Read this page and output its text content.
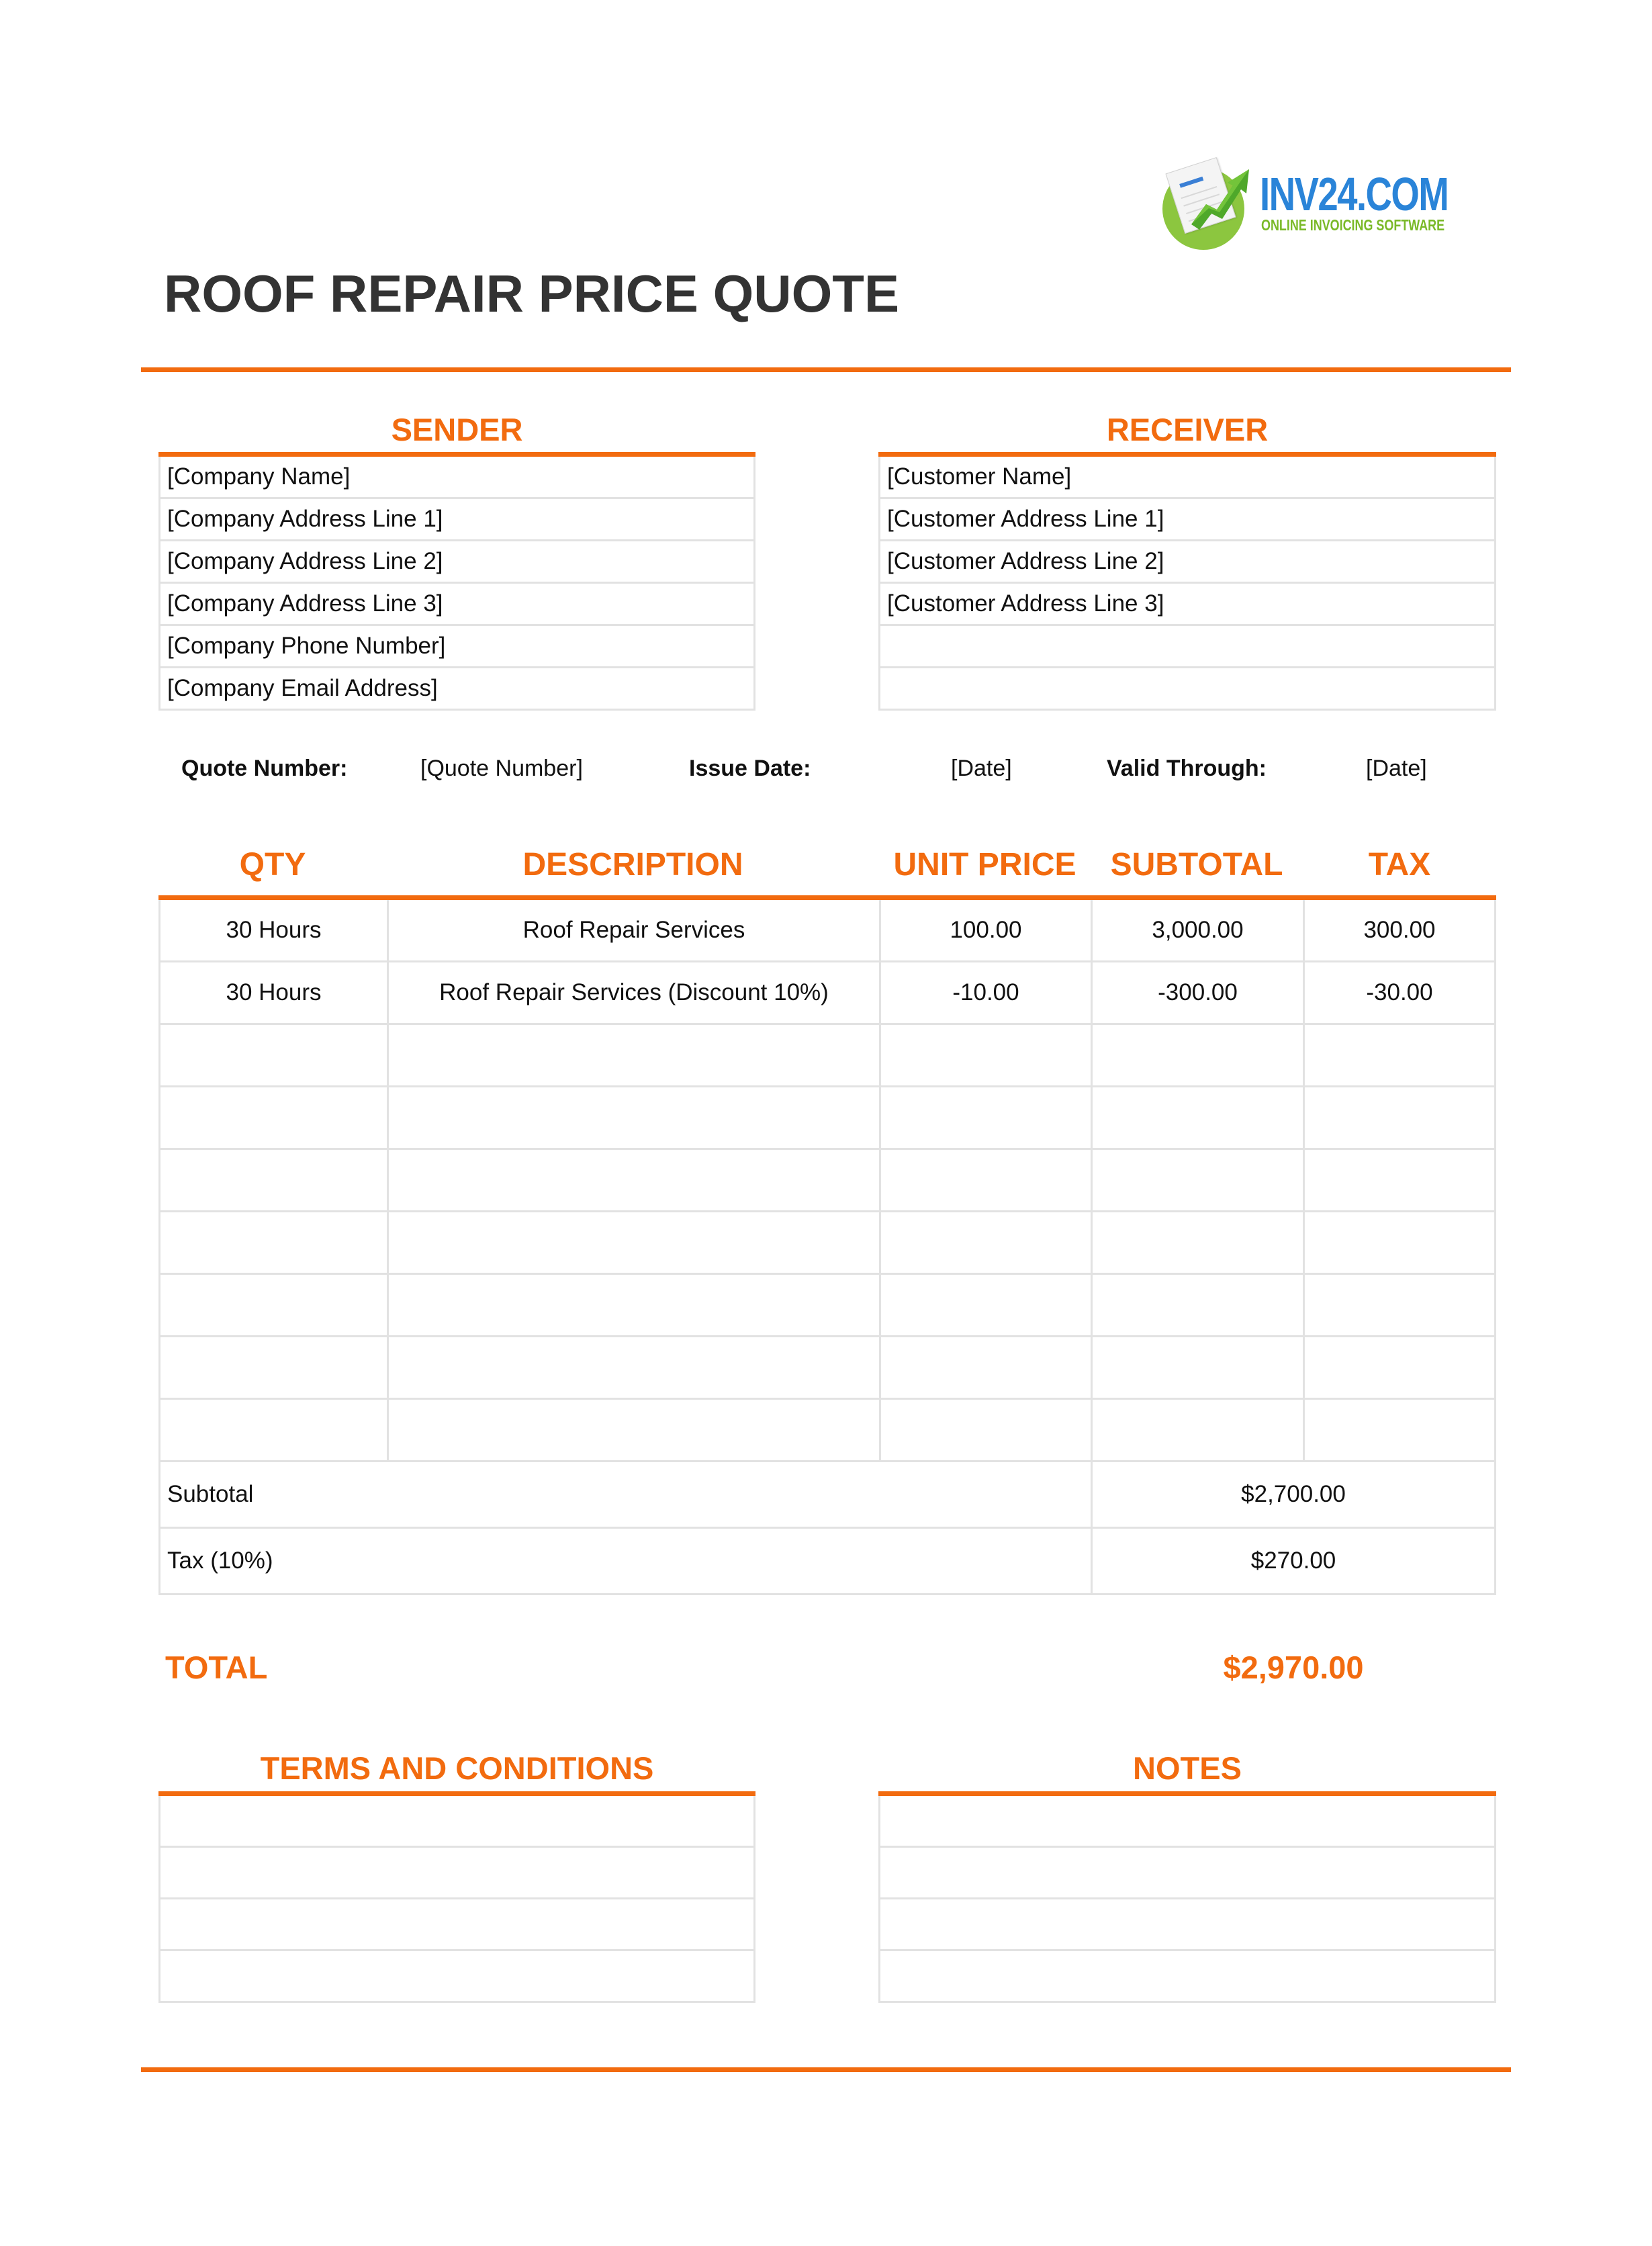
INV24.COM
ONLINE INVOICING SOFTWARE
ROOF REPAIR PRICE QUOTE
SENDER
[Company Name]
[Company Address Line 1]
[Company Address Line 2]
[Company Address Line 3]
[Company Phone Number]
[Company Email Address]
RECEIVER
[Customer Name]
[Customer Address Line 1]
[Customer Address Line 2]
[Customer Address Line 3]
Quote Number:	[Quote Number]	Issue Date:	[Date]	Valid Through:	[Date]
QTY	DESCRIPTION	UNIT PRICE	SUBTOTAL	TAX
30 Hours	Roof Repair Services	100.00	3,000.00	300.00
30 Hours	Roof Repair Services (Discount 10%)	-10.00	-300.00	-30.00
Subtotal	$2,700.00
Tax (10%)	$270.00
TOTAL	$2,970.00
TERMS AND CONDITIONS	NOTES
